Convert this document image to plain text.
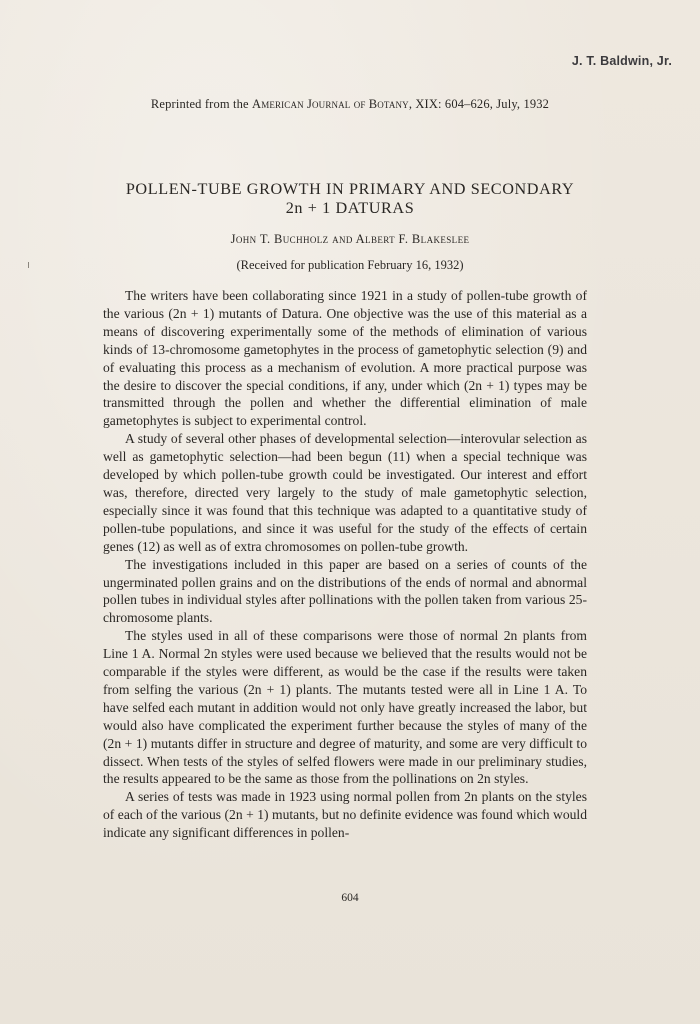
J. T. Baldwin, Jr.
Reprinted from the American Journal of Botany, XIX: 604–626, July, 1932
POLLEN-TUBE GROWTH IN PRIMARY AND SECONDARY
2n + 1 DATURAS
John T. Buchholz and Albert F. Blakeslee
(Received for publication February 16, 1932)

The writers have been collaborating since 1921 in a study of pollen-tube growth of the various (2n + 1) mutants of Datura. One objective was the use of this material as a means of discovering experimentally some of the methods of elimination of various kinds of 13-chromosome gametophytes in the process of gametophytic selection (9) and of evaluating this process as a mechanism of evolution. A more practical purpose was the desire to discover the special conditions, if any, under which (2n + 1) types may be transmitted through the pollen and whether the differential elimination of male gametophytes is subject to experimental control.

A study of several other phases of developmental selection—interovular selection as well as gametophytic selection—had been begun (11) when a special technique was developed by which pollen-tube growth could be investigated. Our interest and effort was, therefore, directed very largely to the study of male gametophytic selection, especially since it was found that this technique was adapted to a quantitative study of pollen-tube populations, and since it was useful for the study of the effects of certain genes (12) as well as of extra chromosomes on pollen-tube growth.

The investigations included in this paper are based on a series of counts of the ungerminated pollen grains and on the distributions of the ends of normal and abnormal pollen tubes in individual styles after pollinations with the pollen taken from various 25-chromosome plants.

The styles used in all of these comparisons were those of normal 2n plants from Line 1 A. Normal 2n styles were used because we believed that the results would not be comparable if the styles were different, as would be the case if the results were taken from selfing the various (2n + 1) plants. The mutants tested were all in Line 1 A. To have selfed each mutant in addition would not only have greatly increased the labor, but would also have complicated the experiment further because the styles of many of the (2n + 1) mutants differ in structure and degree of maturity, and some are very difficult to dissect. When tests of the styles of selfed flowers were made in our preliminary studies, the results appeared to be the same as those from the pollinations on 2n styles.

A series of tests was made in 1923 using normal pollen from 2n plants on the styles of each of the various (2n + 1) mutants, but no definite evidence was found which would indicate any significant differences in pollen-

604
